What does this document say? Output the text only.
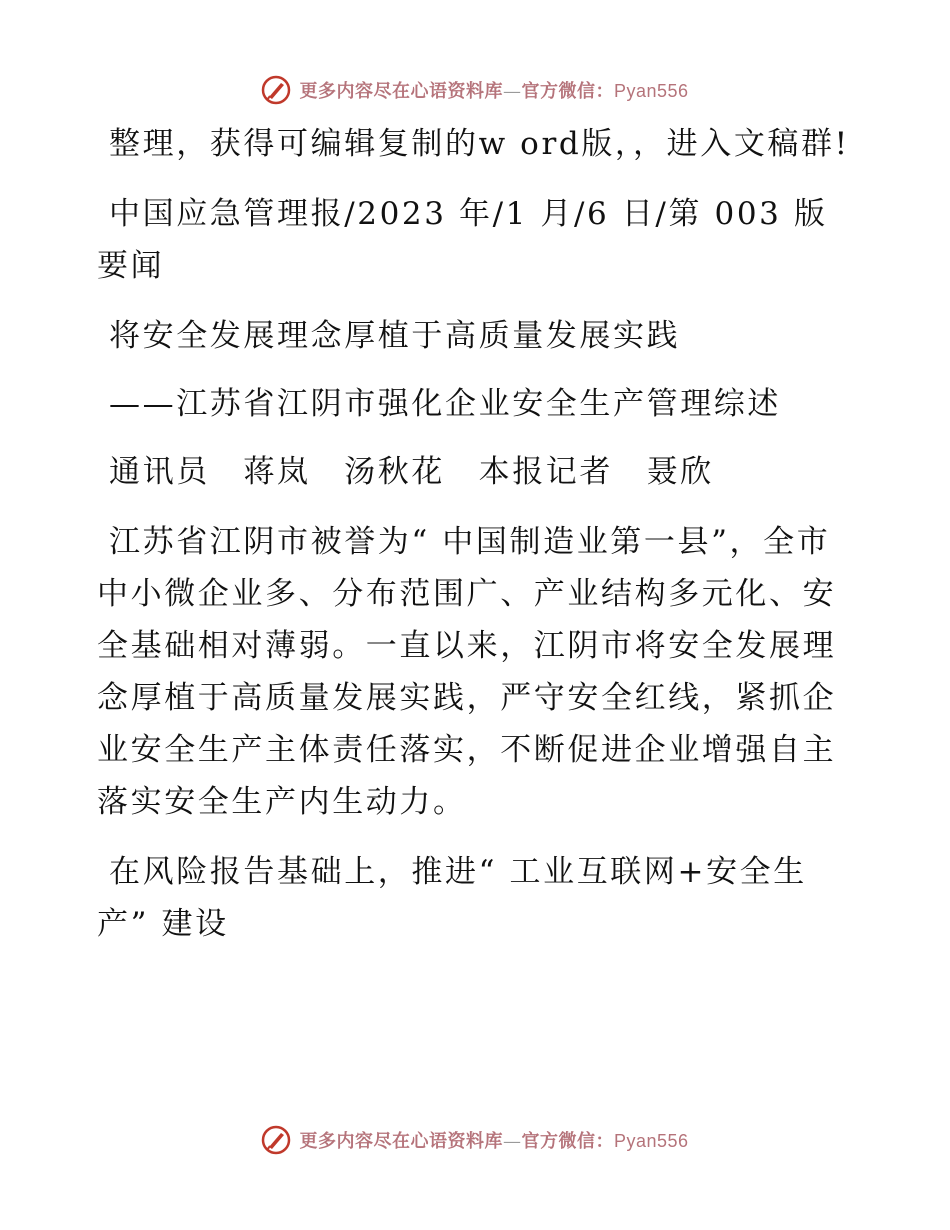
更多内容尽在心语资料库—官方微信：Pyan556

整理，获得可编辑复制的w ord版，，进入文稿群!

中国应急管理报/2023 年/1 月/6 日/第 003 版要闻

将安全发展理念厚植于高质量发展实践

——江苏省江阴市强化企业安全生产管理综述

通讯员　蒋岚　汤秋花　本报记者　聂欣

江苏省江阴市被誉为“ 中国制造业第一县”，全市中小微企业多、分布范围广、产业结构多元化、安全基础相对薄弱。一直以来，江阴市将安全发展理念厚植于高质量发展实践，严守安全红线，紧抓企业安全生产主体责任落实，不断促进企业增强自主落实安全生产内生动力。

在风险报告基础上，推进“ 工业互联网+安全生产” 建设

更多内容尽在心语资料库—官方微信：Pyan556
